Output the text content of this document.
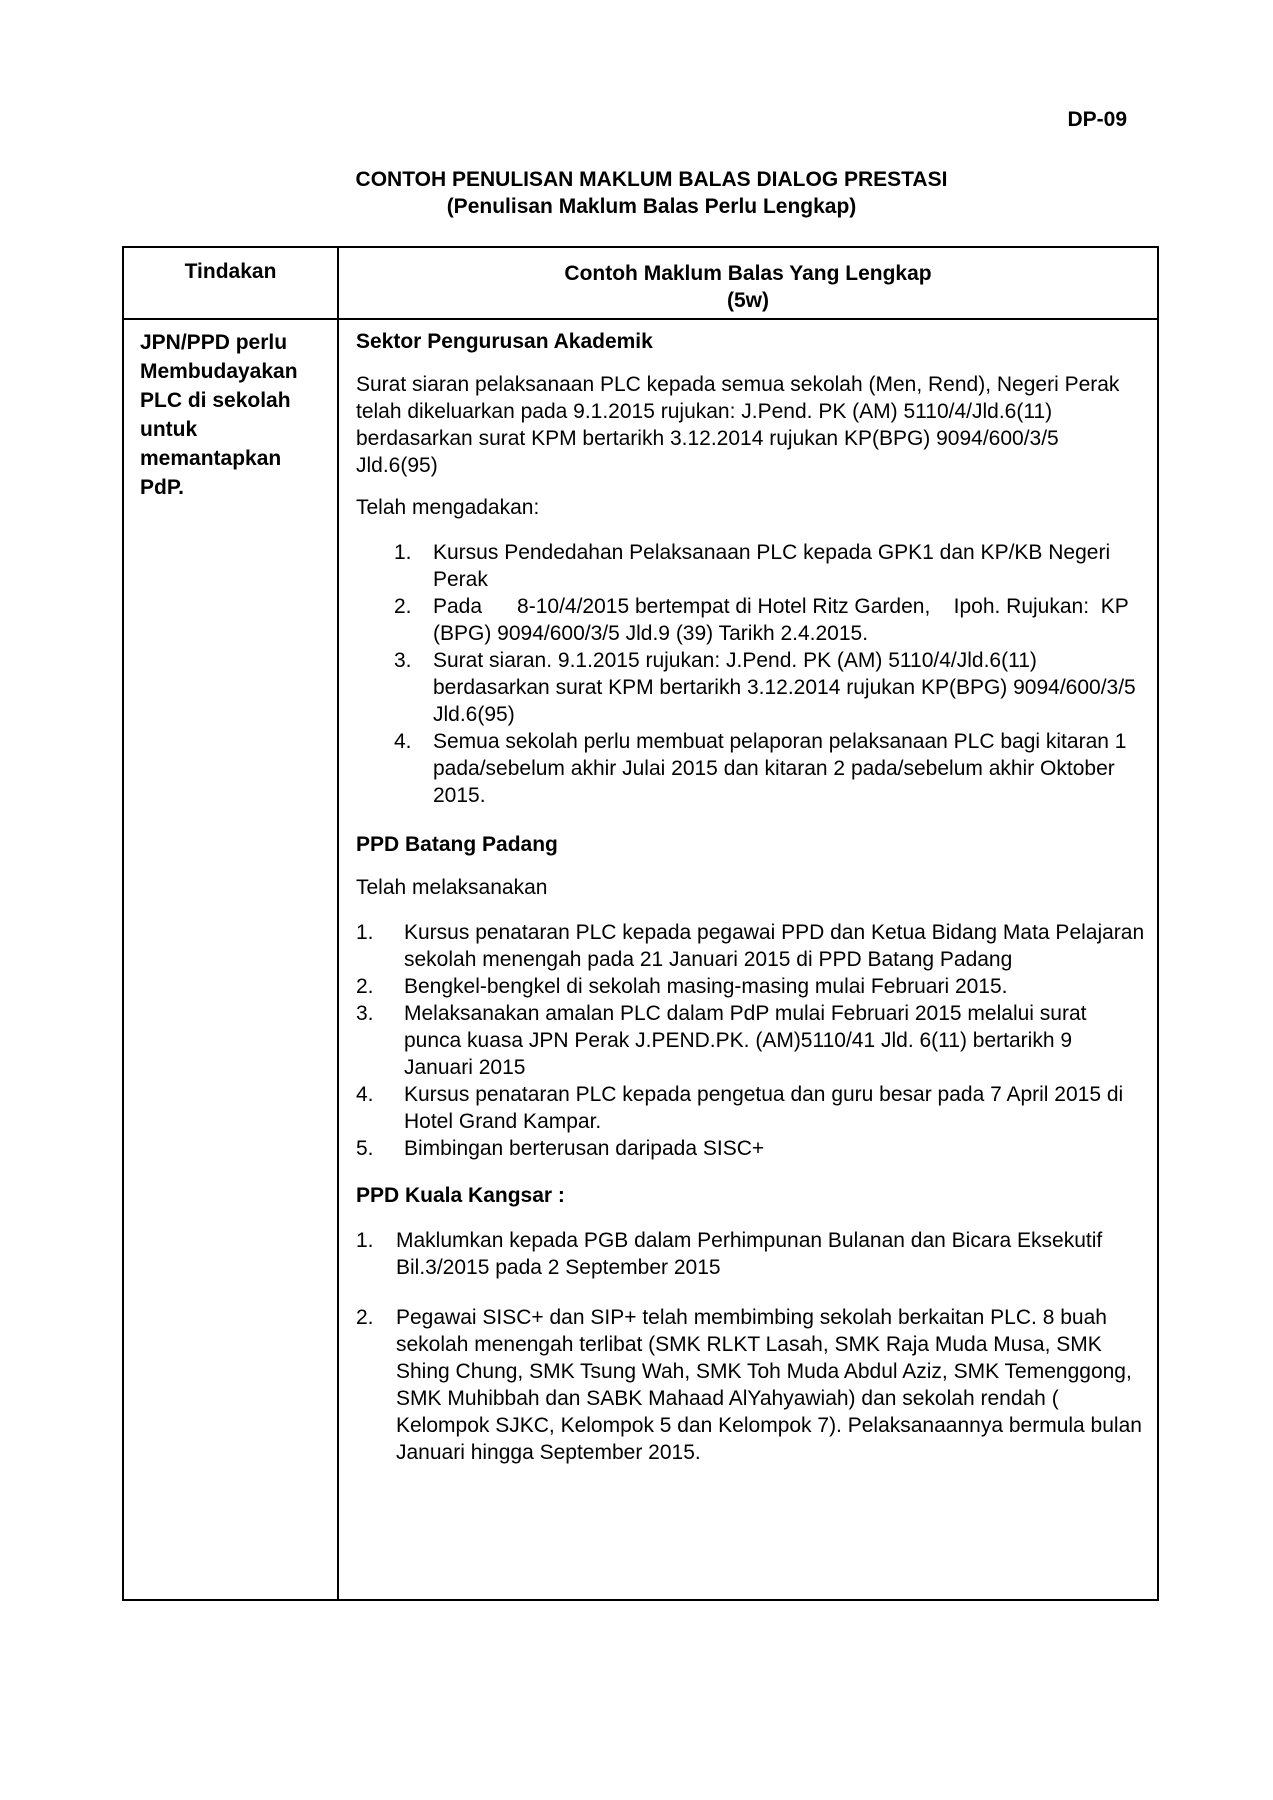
DP-09
CONTOH PENULISAN MAKLUM BALAS DIALOG PRESTASI
(Penulisan Maklum Balas Perlu Lengkap)
Tindakan	Contoh Maklum Balas Yang Lengkap
(5w)
JPN/PPD perlu
Membudayakan
PLC di sekolah
untuk
memantapkan
PdP.
Sektor Pengurusan Akademik
Surat siaran pelaksanaan PLC kepada semua sekolah (Men, Rend), Negeri Perak telah dikeluarkan pada 9.1.2015 rujukan: J.Pend. PK (AM) 5110/4/Jld.6(11) berdasarkan surat KPM bertarikh 3.12.2014 rujukan KP(BPG) 9094/600/3/5 Jld.6(95)
Telah mengadakan:
1. Kursus Pendedahan Pelaksanaan PLC kepada GPK1 dan KP/KB Negeri Perak
2. Pada      8-10/4/2015 bertempat di Hotel Ritz Garden,    Ipoh. Rujukan:  KP (BPG) 9094/600/3/5 Jld.9 (39) Tarikh 2.4.2015.
3. Surat siaran. 9.1.2015 rujukan: J.Pend. PK (AM) 5110/4/Jld.6(11) berdasarkan surat KPM bertarikh 3.12.2014 rujukan KP(BPG) 9094/600/3/5 Jld.6(95)
4. Semua sekolah perlu membuat pelaporan pelaksanaan PLC bagi kitaran 1 pada/sebelum akhir Julai 2015 dan kitaran 2 pada/sebelum akhir Oktober 2015.
PPD Batang Padang
Telah melaksanakan
1. Kursus penataran PLC kepada pegawai PPD dan Ketua Bidang Mata Pelajaran sekolah menengah pada 21 Januari 2015 di PPD Batang Padang
2. Bengkel-bengkel di sekolah masing-masing mulai Februari 2015.
3. Melaksanakan amalan PLC dalam PdP mulai Februari 2015 melalui surat punca kuasa JPN Perak J.PEND.PK. (AM)5110/41 Jld. 6(11) bertarikh 9 Januari 2015
4. Kursus penataran PLC kepada pengetua dan guru besar pada 7 April 2015 di Hotel Grand Kampar.
5. Bimbingan berterusan daripada SISC+
PPD Kuala Kangsar :
1. Maklumkan kepada PGB dalam Perhimpunan Bulanan dan Bicara Eksekutif Bil.3/2015 pada 2 September 2015
2. Pegawai SISC+ dan SIP+ telah membimbing sekolah berkaitan PLC. 8 buah sekolah menengah terlibat (SMK RLKT Lasah, SMK Raja Muda Musa, SMK Shing Chung, SMK Tsung Wah, SMK Toh Muda Abdul Aziz, SMK Temenggong, SMK Muhibbah dan SABK Mahaad AlYahyawiah) dan sekolah rendah ( Kelompok SJKC, Kelompok 5 dan Kelompok 7). Pelaksanaannya bermula bulan Januari hingga September 2015.
